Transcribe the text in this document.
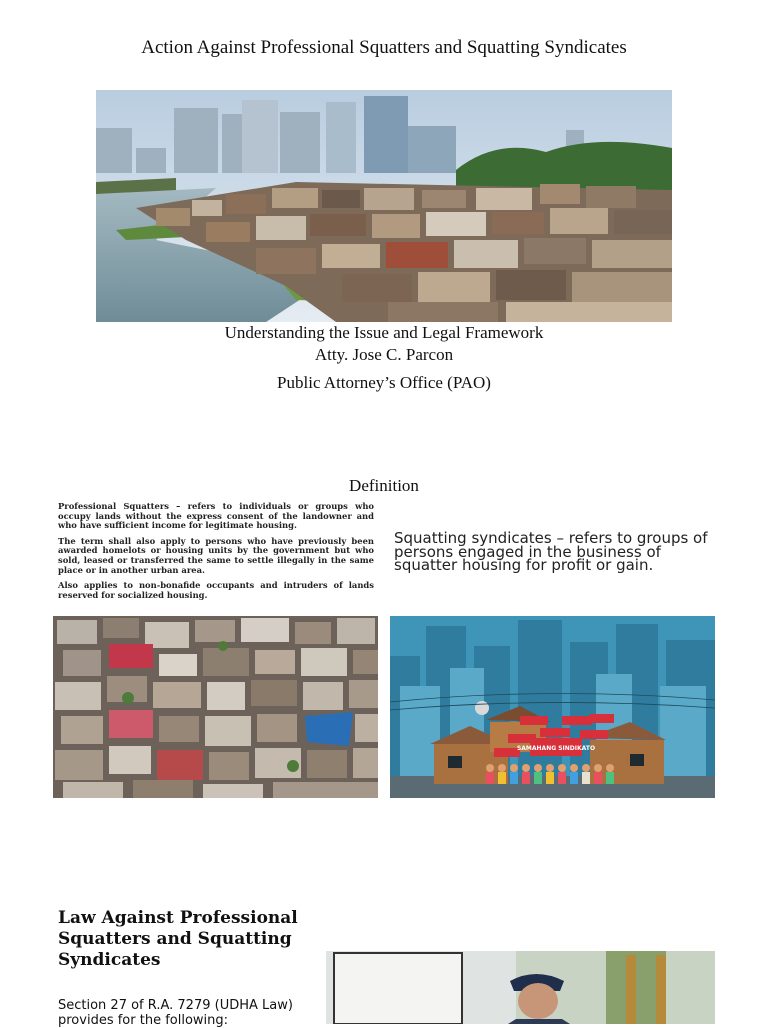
Action Against Professional Squatters and Squatting Syndicates
Understanding the Issue and Legal Framework
Atty. Jose C. Parcon
Public Attorney’s Office (PAO)
Definition

Professional Squatters – refers to individuals or groups who occupy lands without the express consent of the landowner and who have sufficient income for legitimate housing.

The term shall also apply to persons who have previously been awarded homelots or housing units by the government but who sold, leased or transferred the same to settle illegally in the same place or in another urban area.

Also applies to non-bonafide occupants and intruders of lands reserved for socialized housing.

Squatting syndicates – refers to groups of persons engaged in the business of squatter housing for profit or gain.
SAMAHANG SINDIKATO
Law Against Professional Squatters and Squatting Syndicates
Section 27 of R.A. 7279 (UDHA Law) provides for the following:
